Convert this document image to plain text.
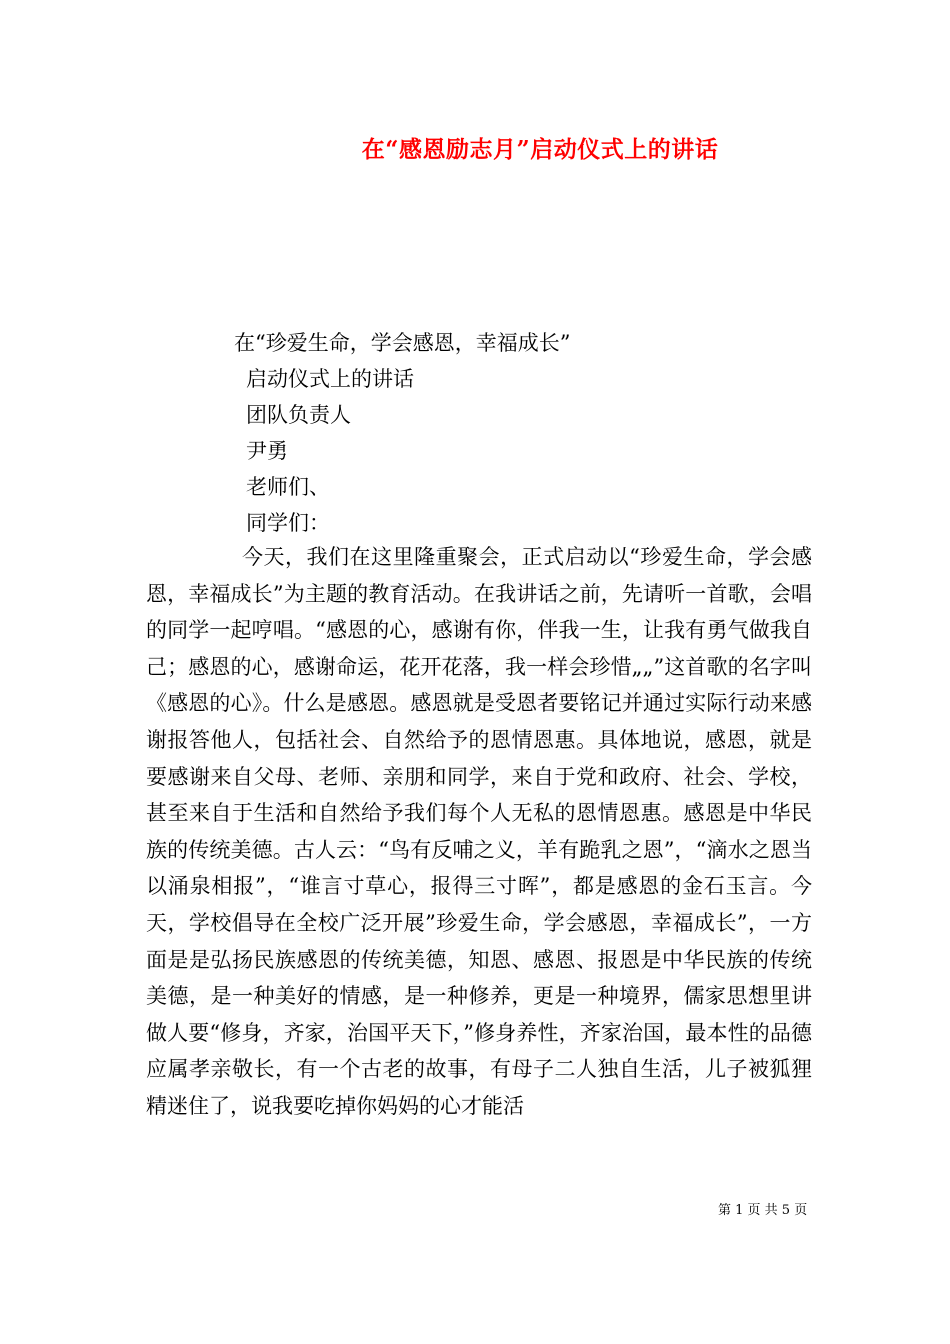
在“感恩励志月”启动仪式上的讲话
在“珍爱生命，学会感恩，幸福成长”
启动仪式上的讲话
团队负责人
尹勇
老师们、
同学们：

今天，我们在这里隆重聚会，正式启动以“珍爱生命，学会感恩，幸福成长”为主题的教育活动。在我讲话之前，先请听一首歌，会唱的同学一起哼唱。“感恩的心，感谢有你，伴我一生，让我有勇气做我自己；感恩的心，感谢命运，花开花落，我一样会珍惜„„”这首歌的名字叫《感恩的心》。什么是感恩。感恩就是受恩者要铭记并通过实际行动来感谢报答他人，包括社会、自然给予的恩情恩惠。具体地说，感恩，就是要感谢来自父母、老师、亲朋和同学，来自于党和政府、社会、学校，甚至来自于生活和自然给予我们每个人无私的恩情恩惠。感恩是中华民族的传统美德。古人云：“鸟有反哺之义，羊有跪乳之恩”，“滴水之恩当以涌泉相报”，“谁言寸草心，报得三寸晖”，都是感恩的金石玉言。今天，学校倡导在全校广泛开展”珍爱生命，学会感恩，幸福成长”，一方面是是弘扬民族感恩的传统美德，知恩、感恩、报恩是中华民族的传统美德，是一种美好的情感，是一种修养，更是一种境界，儒家思想里讲做人要“修身，齐家，治国平天下，”修身养性，齐家治国，最本性的品德应属孝亲敬长，有一个古老的故事，有母子二人独自生活，儿子被狐狸精迷住了，说我要吃掉你妈妈的心才能活

第 1 页 共 5 页
